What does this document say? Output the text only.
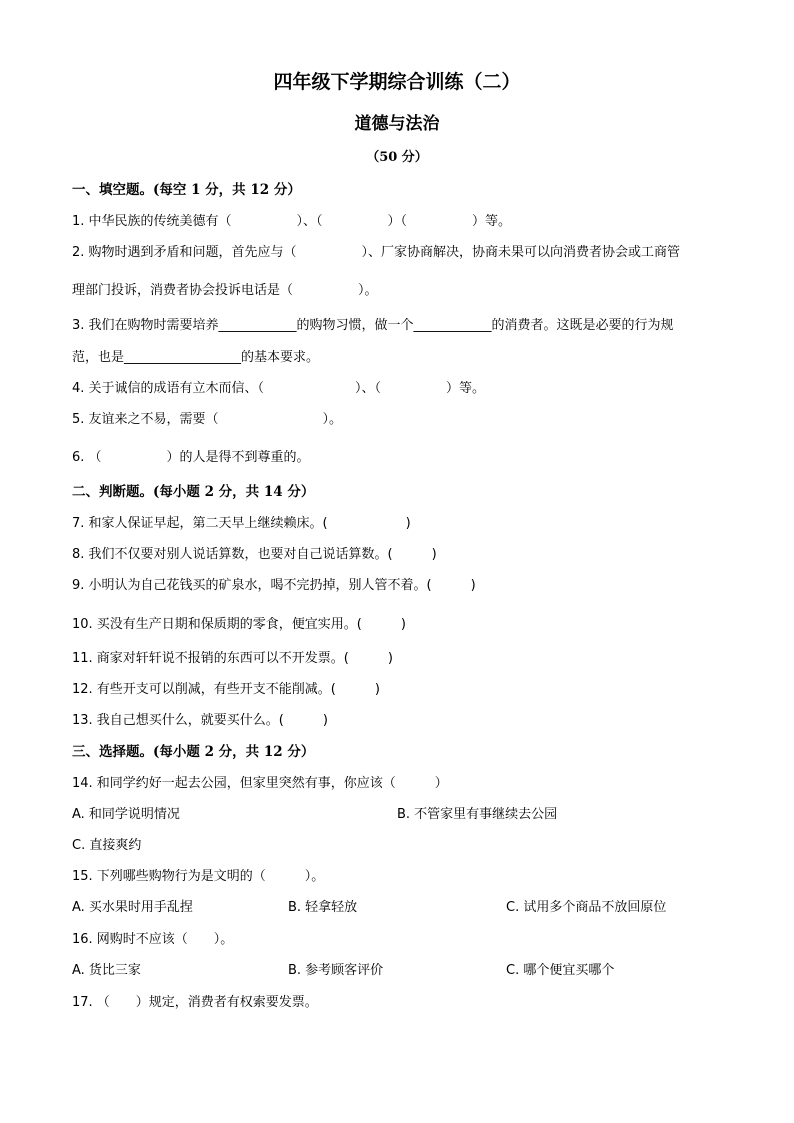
四年级下学期综合训练（二）
道德与法治
（50 分）
一、填空题。(每空 1 分，共 12 分）
1. 中华民族的传统美德有（　　　　　）、（　　　　　）（　　　　　）等。
2. 购物时遇到矛盾和问题，首先应与（　　　　　）、厂家协商解决，协商未果可以向消费者协会或工商管
理部门投诉，消费者协会投诉电话是（　　　　　）。
3. 我们在购物时需要培养____________的购物习惯，做一个____________的消费者。这既是必要的行为规
范，也是__________________的基本要求。
4. 关于诚信的成语有立木而信、（　　　　　　　）、（　　　　　）等。
5. 友谊来之不易，需要（　　　　　　　　）。
6. （　　　　　）的人是得不到尊重的。
二、判断题。(每小题 2 分，共 14 分）
7. 和家人保证早起，第二天早上继续赖床。(　　　　　　)
8. 我们不仅要对别人说话算数，也要对自己说话算数。(　　　)
9. 小明认为自己花钱买的矿泉水，喝不完扔掉，别人管不着。(　　　)
10. 买没有生产日期和保质期的零食，便宜实用。(　　　)
11. 商家对轩轩说不报销的东西可以不开发票。(　　　)
12. 有些开支可以削减，有些开支不能削减。(　　　)
13. 我自己想买什么，就要买什么。(　　　)
三、选择题。(每小题 2 分，共 12 分）
14. 和同学约好一起去公园，但家里突然有事，你应该（　　　）
A. 和同学说明情况	B. 不管家里有事继续去公园
C. 直接爽约
15. 下列哪些购物行为是文明的（　　　）。
A. 买水果时用手乱捏	B. 轻拿轻放	C. 试用多个商品不放回原位
16. 网购时不应该（　　）。
A. 货比三家	B. 参考顾客评价	C. 哪个便宜买哪个
17. （　　）规定，消费者有权索要发票。
